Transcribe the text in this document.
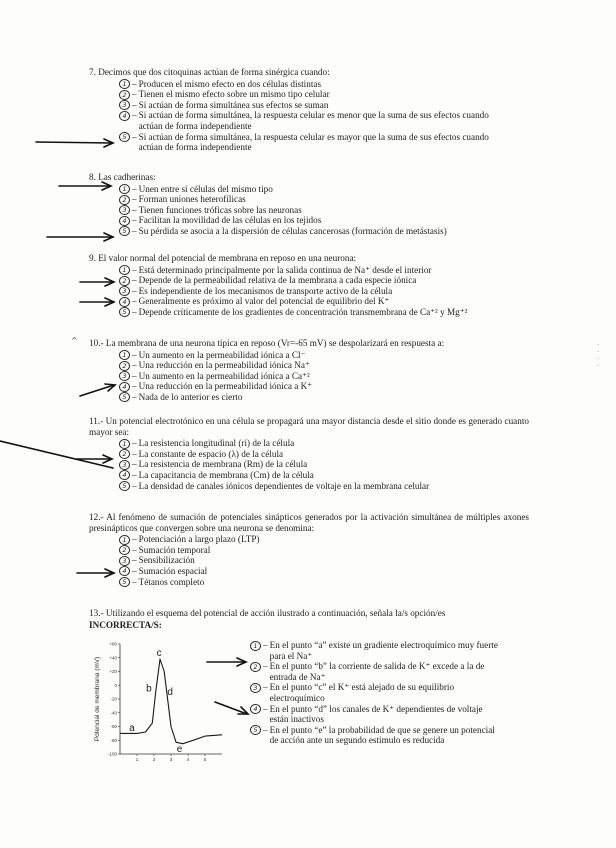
7. Decimos que dos citoquinas actúan de forma sinérgica cuando:
1 – Producen el mismo efecto en dos células distintas
2 – Tienen el mismo efecto sobre un mismo tipo celular
3 – Si actúan de forma simultánea sus efectos se suman
4 – Si actúan de forma simultánea, la respuesta celular es menor que la suma de sus efectos cuando
actúan de forma independiente
5 – Si actúan de forma simultánea, la respuesta celular es mayor que la suma de sus efectos cuando
actúan de forma independiente
8. Las cadherinas:
1 – Unen entre sí células del mismo tipo
2 – Forman uniones heterofílicas
3 – Tienen funciones tróficas sobre las neuronas
4 – Facilitan la movilidad de las células en los tejidos
5 – Su pérdida se asocia a la dispersión de células cancerosas (formación de metástasis)
9. El valor normal del potencial de membrana en reposo en una neurona:
1 – Está determinado principalmente por la salida continua de Na⁺ desde el interior
2 – Depende de la permeabilidad relativa de la membrana a cada especie iónica
3 – Es independiente de los mecanismos de transporte activo de la célula
4 – Generalmente es próximo al valor del potencial de equilibrio del K⁺
5 – Depende críticamente de los gradientes de concentración transmembrana de Ca⁺² y Mg⁺²
10.- La membrana de una neurona típica en reposo (Vr=-65 mV) se despolarizará en respuesta a:
1 – Un aumento en la permeabilidad iónica a Cl⁻
2 – Una reducción en la permeabilidad iónica Na⁺
3 – Un aumento en la permeabilidad iónica a Ca⁺²
4 – Una reducción en la permeabilidad iónica a K⁺
5 – Nada de lo anterior es cierto
11.- Un potencial electrotónico en una célula se propagará una mayor distancia desde el sitio donde es generado cuanto mayor sea:
1 – La resistencia longitudinal (ri) de la célula
2 – La constante de espacio (λ) de la célula
3 – La resistencia de membrana (Rm) de la célula
4 – La capacitancia de membrana (Cm) de la célula
5 – La densidad de canales iónicos dependientes de voltaje en la membrana celular
12.- Al fenómeno de sumación de potenciales sinápticos generados por la activación simultánea de múltiples axones presinápticos que convergen sobre una neurona se denomina:
1 – Potenciación a largo plazo (LTP)
2 – Sumación temporal
3 – Sensibilización
4 – Sumación espacial
5 – Tétanos completo
13.- Utilizando el esquema del potencial de acción ilustrado a continuación, señala la/s opción/es
INCORRECTA/S:
1 – En el punto “a” existe un gradiente electroquímico muy fuerte
para el Na⁺
2 – En el punto “b” la corriente de salida de K⁺ excede a la de
entrada de Na⁺
3 – En el punto “c” el K⁺ está alejado de su equilibrio
electroquímico
4 – En el punto “d” los canales de K⁺ dependientes de voltaje
están inactivos
5 – En el punto “e” la probabilidad de que se genere un potencial
de acción ante un segundo estímulo es reducida
+60
+40
+20
0
-20
-40
-60
-80
-100
1	2	3	4	5
Potencial de membrana (mV)	a
b
c
d
e
^	·
·
·
·
